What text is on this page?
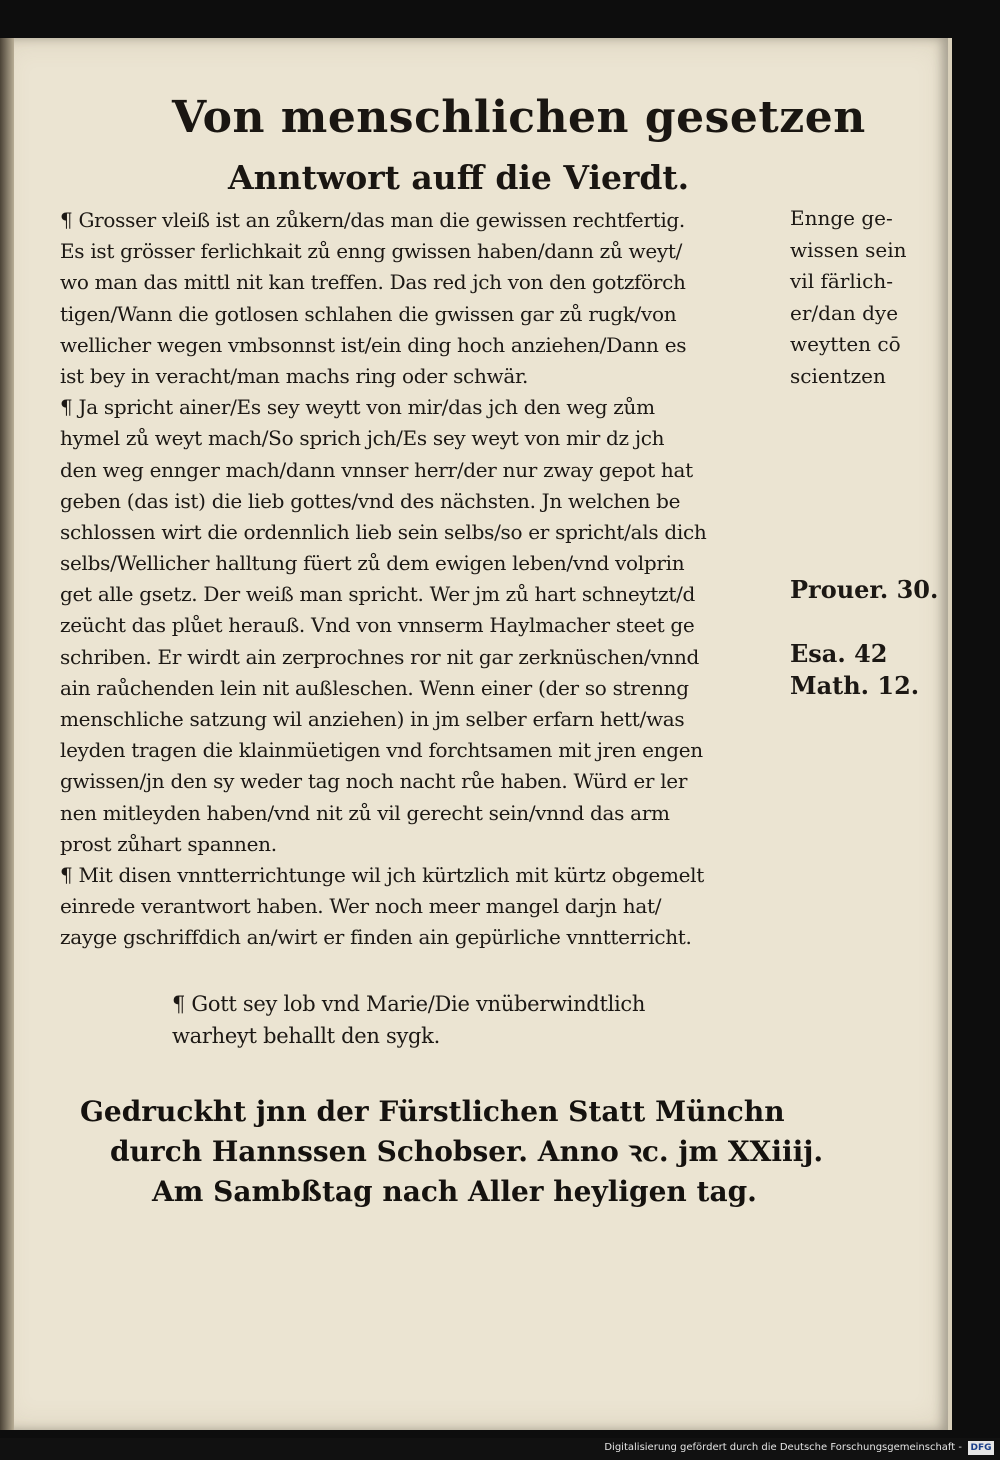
Von menschlichen gesetzen
Anntwort auff die Vierdt.
¶ Grosser vleiß ist an zůkern/das man die gewissen rechtfertig.
Es ist grösser ferlichkait zů enng gwissen haben/dann zů weyt/
wo man das mittl nit kan treffen. Das red jch von den gotzförch
tigen/Wann die gotlosen schlahen die gwissen gar zů rugk/von
wellicher wegen vmbsonnst ist/ein ding hoch anziehen/Dann es
ist bey in veracht/man machs ring oder schwär.
¶ Ja spricht ainer/Es sey weytt von mir/das jch den weg zům
hymel zů weyt mach/So sprich jch/Es sey weyt von mir dz jch
den weg ennger mach/dann vnnser herr/der nur zway gepot hat
geben (das ist) die lieb gottes/vnd des nächsten. Jn welchen be
schlossen wirt die ordennlich lieb sein selbs/so er spricht/als dich
selbs/Wellicher halltung füert zů dem ewigen leben/vnd volprin
get alle gsetz. Der weiß man spricht. Wer jm zů hart schneytzt/d
zeücht das plůet herauß. Vnd von vnnserm Haylmacher steet ge
schriben. Er wirdt ain zerprochnes ror nit gar zerknüschen/vnnd
ain raůchenden lein nit außleschen. Wenn einer (der so strenng
menschliche satzung wil anziehen) in jm selber erfarn hett/was
leyden tragen die klainmüetigen vnd forchtsamen mit jren engen
gwissen/jn den sy weder tag noch nacht růe haben. Würd er ler
nen mitleyden haben/vnd nit zů vil gerecht sein/vnnd das arm
prost zůhart spannen.
¶ Mit disen vnntterrichtunge wil jch kürtzlich mit kürtz obgemelt
einrede verantwort haben. Wer noch meer mangel darjn hat/
zayge gschriffdich an/wirt er finden ain gepürliche vnntterricht.
Ennge ge-
wissen sein
vil färlich-
er/dan dye
weytten cō
scientzen
Prouer. 30.
Esa. 42
Math. 12.
¶ Gott sey lob vnd Marie/Die vnüberwindtlich
warheyt behallt den sygk.
Gedruckht jnn der Fürstlichen Statt Münchn
durch Hannssen Schobser. Anno ꝛc. jm XXiiij.
Am Sambßtag nach Aller heyligen tag.
Digitalisierung gefördert durch die Deutsche Forschungsgemeinschaft - DFG
